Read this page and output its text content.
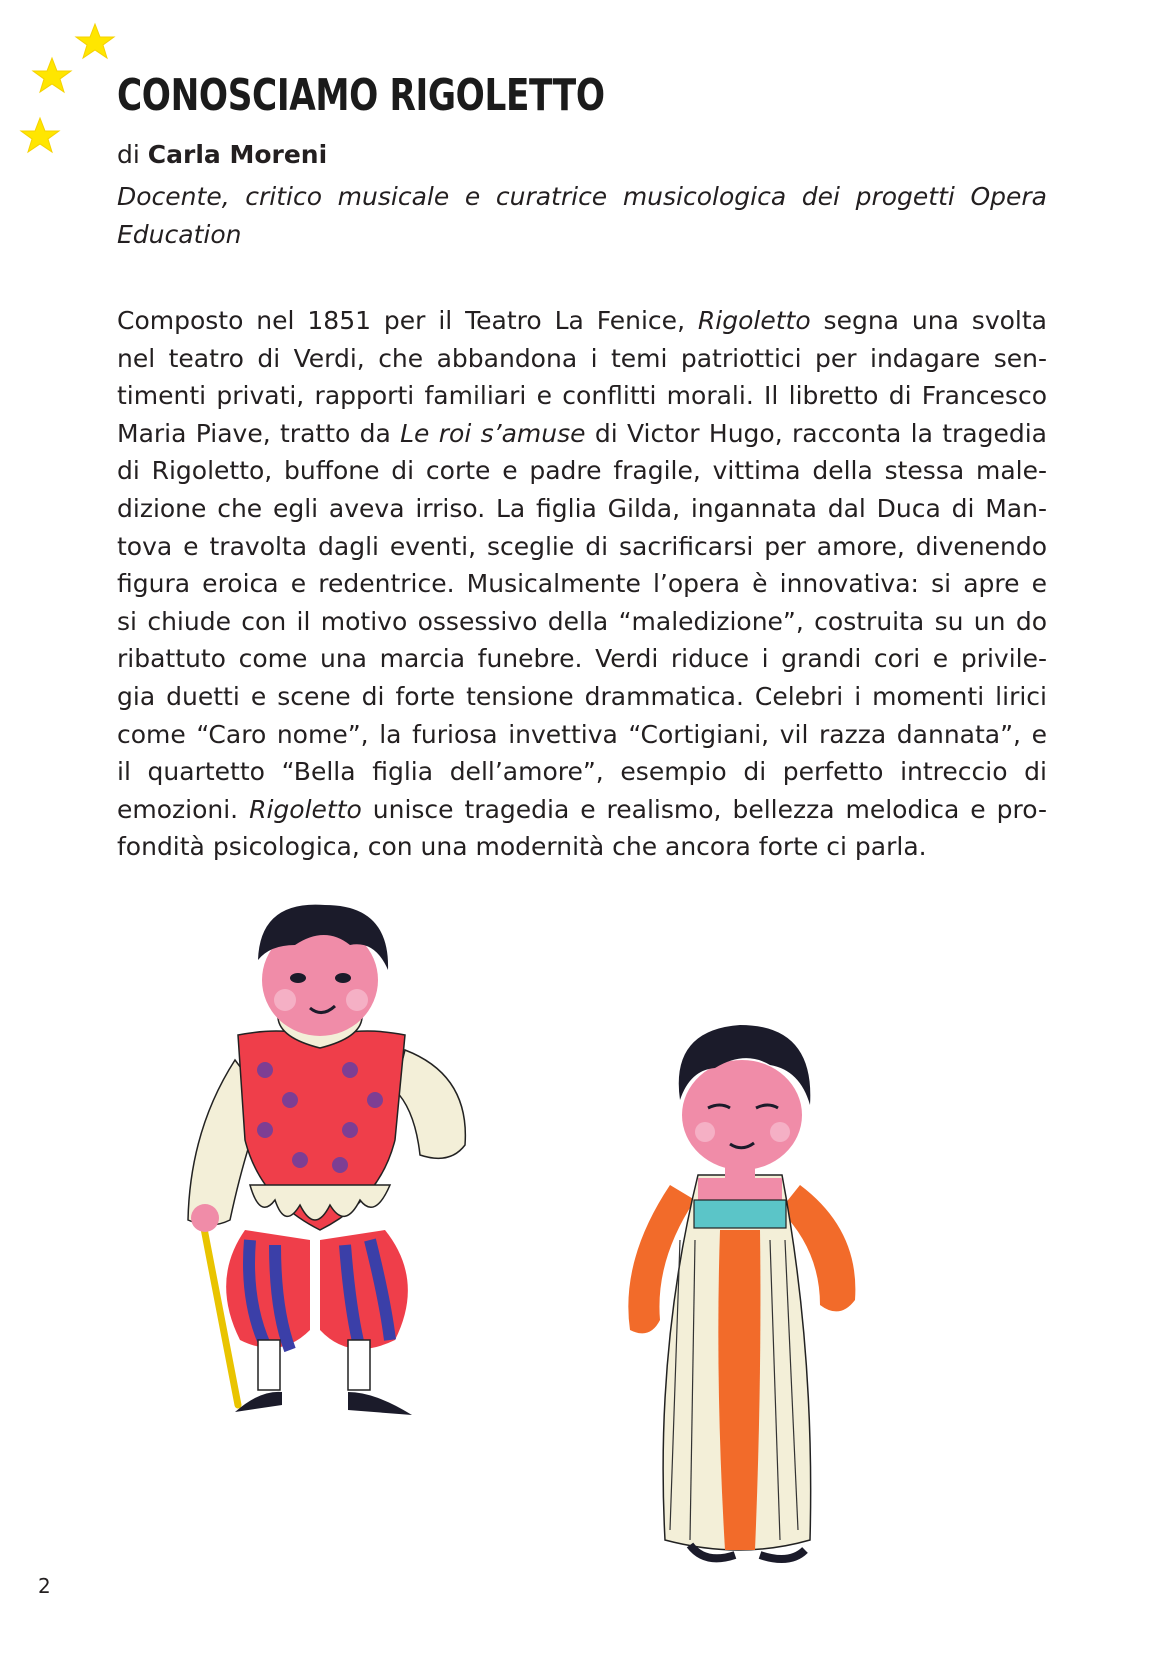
CONOSCIAMO RIGOLETTO
di Carla Moreni
Docente, critico musicale e curatrice musicologica dei progetti Opera Education
Composto nel 1851 per il Teatro La Fenice, Rigoletto segna una svolta
nel teatro di Verdi, che abbandona i temi patriottici per indagare sen-
timenti privati, rapporti familiari e conflitti morali. Il libretto di Francesco
Maria Piave, tratto da Le roi s’amuse di Victor Hugo, racconta la tragedia
di Rigoletto, buffone di corte e padre fragile, vittima della stessa male-
dizione che egli aveva irriso. La figlia Gilda, ingannata dal Duca di Man-
tova e travolta dagli eventi, sceglie di sacrificarsi per amore, divenendo
figura eroica e redentrice. Musicalmente l’opera è innovativa: si apre e
si chiude con il motivo ossessivo della “maledizione”, costruita su un do
ribattuto come una marcia funebre. Verdi riduce i grandi cori e privile-
gia duetti e scene di forte tensione drammatica. Celebri i momenti lirici
come “Caro nome”, la furiosa invettiva “Cortigiani, vil razza dannata”, e
il quartetto “Bella figlia dell’amore”, esempio di perfetto intreccio di
emozioni. Rigoletto unisce tragedia e realismo, bellezza melodica e pro-
fondità psicologica, con una modernità che ancora forte ci parla.
2
